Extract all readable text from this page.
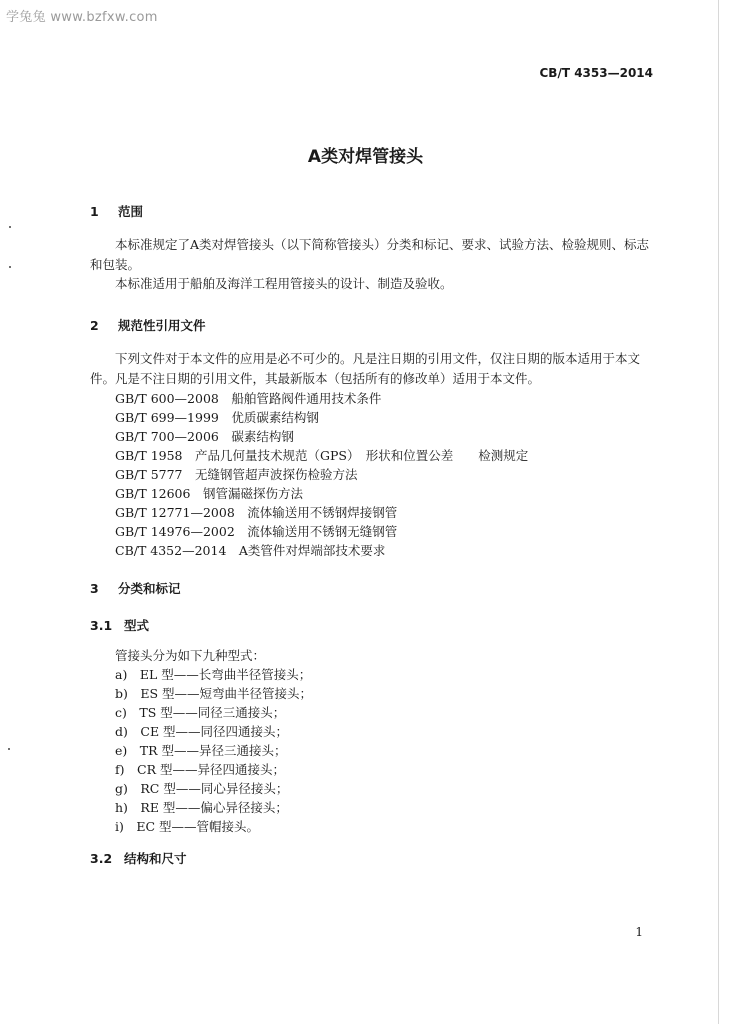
学兔兔 www.bzfxw.com
CB/T 4353—2014
A类对焊管接头
1 范围

本标准规定了A类对焊管接头（以下简称管接头）分类和标记、要求、试验方法、检验规则、标志和包装。

本标准适用于船舶及海洋工程用管接头的设计、制造及验收。

2 规范性引用文件

下列文件对于本文件的应用是必不可少的。凡是注日期的引用文件，仅注日期的版本适用于本文件。凡是不注日期的引用文件，其最新版本（包括所有的修改单）适用于本文件。

GB/T 600—2008　船舶管路阀件通用技术条件
GB/T 699—1999　优质碳素结构钢
GB/T 700—2006　碳素结构钢
GB/T 1958　产品几何量技术规范（GPS）　形状和位置公差　　检测规定
GB/T 5777　无缝钢管超声波探伤检验方法
GB/T 12606　钢管漏磁探伤方法
GB/T 12771—2008　流体输送用不锈钢焊接钢管
GB/T 14976—2002　流体输送用不锈钢无缝钢管
CB/T 4352—2014　A类管件对焊端部技术要求
3 分类和标记
3.1 型式
管接头分为如下九种型式：
a)　EL 型——长弯曲半径管接头；
b)　ES 型——短弯曲半径管接头；
c)　TS 型——同径三通接头；
d)　CE 型——同径四通接头；
e)　TR 型——异径三通接头；
f)　CR 型——异径四通接头；
g)　RC 型——同心异径接头；
h)　RE 型——偏心异径接头；
i)　EC 型——管帽接头。
3.2 结构和尺寸
1
